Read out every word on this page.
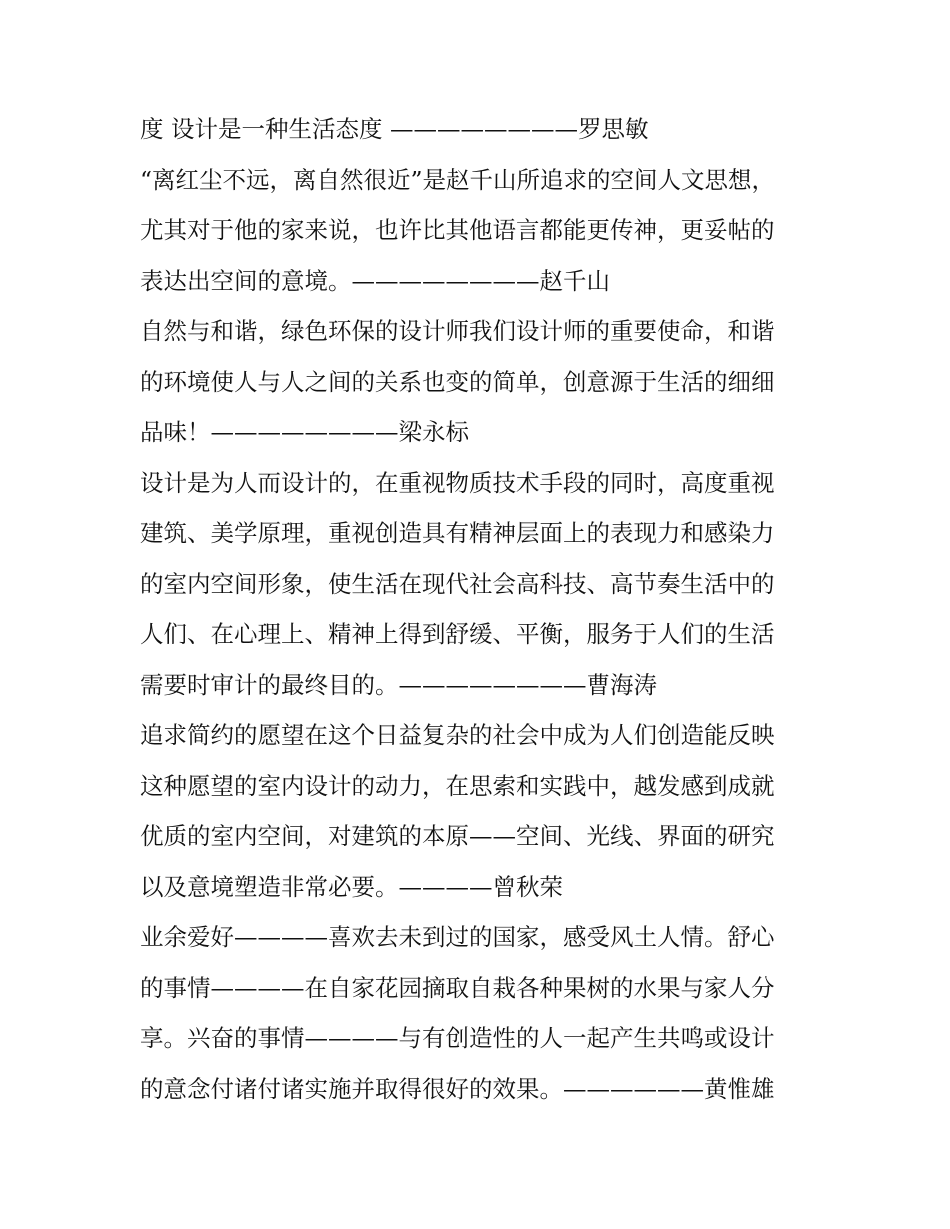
度 设计是一种生活态度 ————————罗思敏
“离红尘不远，离自然很近”是赵千山所追求的空间人文思想，
尤其对于他的家来说，也许比其他语言都能更传神，更妥帖的
表达出空间的意境。————————赵千山
自然与和谐，绿色环保的设计师我们设计师的重要使命，和谐
的环境使人与人之间的关系也变的简单，创意源于生活的细细
品味！————————梁永标
设计是为人而设计的，在重视物质技术手段的同时，高度重视
建筑、美学原理，重视创造具有精神层面上的表现力和感染力
的室内空间形象，使生活在现代社会高科技、高节奏生活中的
人们、在心理上、精神上得到舒缓、平衡，服务于人们的生活
需要时审计的最终目的。————————曹海涛
追求简约的愿望在这个日益复杂的社会中成为人们创造能反映
这种愿望的室内设计的动力，在思索和实践中，越发感到成就
优质的室内空间，对建筑的本原——空间、光线、界面的研究
以及意境塑造非常必要。————曾秋荣
业余爱好————喜欢去未到过的国家，感受风土人情。舒心
的事情————在自家花园摘取自栽各种果树的水果与家人分
享。兴奋的事情————与有创造性的人一起产生共鸣或设计
的意念付诸付诸实施并取得很好的效果。——————黄惟雄
